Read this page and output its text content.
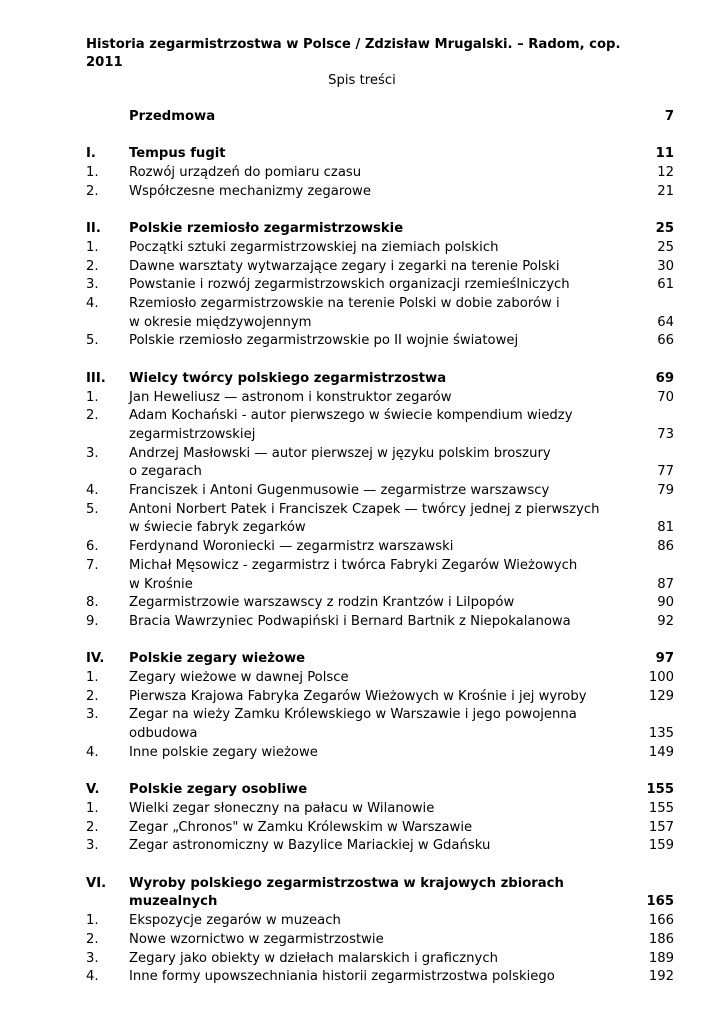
Historia zegarmistrzostwa w Polsce / Zdzisław Mrugalski. – Radom, cop. 2011
Spis treści
Przedmowa	7
I.	Tempus fugit	11
1. Rozwój urządzeń do pomiaru czasu	12
2. Współczesne mechanizmy zegarowe	21
II. Polskie rzemiosło zegarmistrzowskie	25
1. Początki sztuki zegarmistrzowskiej na ziemiach polskich	25
2. Dawne warsztaty wytwarzające zegary i zegarki na terenie Polski	30
3. Powstanie i rozwój zegarmistrzowskich organizacji rzemieślniczych	61
4. Rzemiosło zegarmistrzowskie na terenie Polski w dobie zaborów i
w okresie międzywojennym	64
5. Polskie rzemiosło zegarmistrzowskie po II wojnie światowej	66
III. Wielcy twórcy polskiego zegarmistrzostwa	69
1. Jan Heweliusz — astronom i konstruktor zegarów	70
2. Adam Kochański - autor pierwszego w świecie kompendium wiedzy
zegarmistrzowskiej	73
3. Andrzej Masłowski — autor pierwszej w języku polskim broszury
o zegarach	77
4. Franciszek i Antoni Gugenmusowie — zegarmistrze warszawscy	79
5. Antoni Norbert Patek i Franciszek Czapek — twórcy jednej z pierwszych
w świecie fabryk zegarków	81
6. Ferdynand Woroniecki — zegarmistrz warszawski	86
7. Michał Męsowicz - zegarmistrz i twórca Fabryki Zegarów Wieżowych
w Krośnie	87
8. Zegarmistrzowie warszawscy z rodzin Krantzów i Lilpopów	90
9. Bracia Wawrzyniec Podwapiński i Bernard Bartnik z Niepokalanowa	92
IV. Polskie zegary wieżowe	97
1. Zegary wieżowe w dawnej Polsce	100
2. Pierwsza Krajowa Fabryka Zegarów Wieżowych w Krośnie i jej wyroby	129
3. Zegar na wieży Zamku Królewskiego w Warszawie i jego powojenna
odbudowa	135
4. Inne polskie zegary wieżowe	149
V. Polskie zegary osobliwe	155
1. Wielki zegar słoneczny na pałacu w Wilanowie	155
2. Zegar „Chronos" w Zamku Królewskim w Warszawie	157
3. Zegar astronomiczny w Bazylice Mariackiej w Gdańsku	159
VI. Wyroby polskiego zegarmistrzostwa w krajowych zbiorach
muzealnych	165
1. Ekspozycje zegarów w muzeach	166
2. Nowe wzornictwo w zegarmistrzostwie	186
3. Zegary jako obiekty w dziełach malarskich i graficznych	189
4. Inne formy upowszechniania historii zegarmistrzostwa polskiego	192
